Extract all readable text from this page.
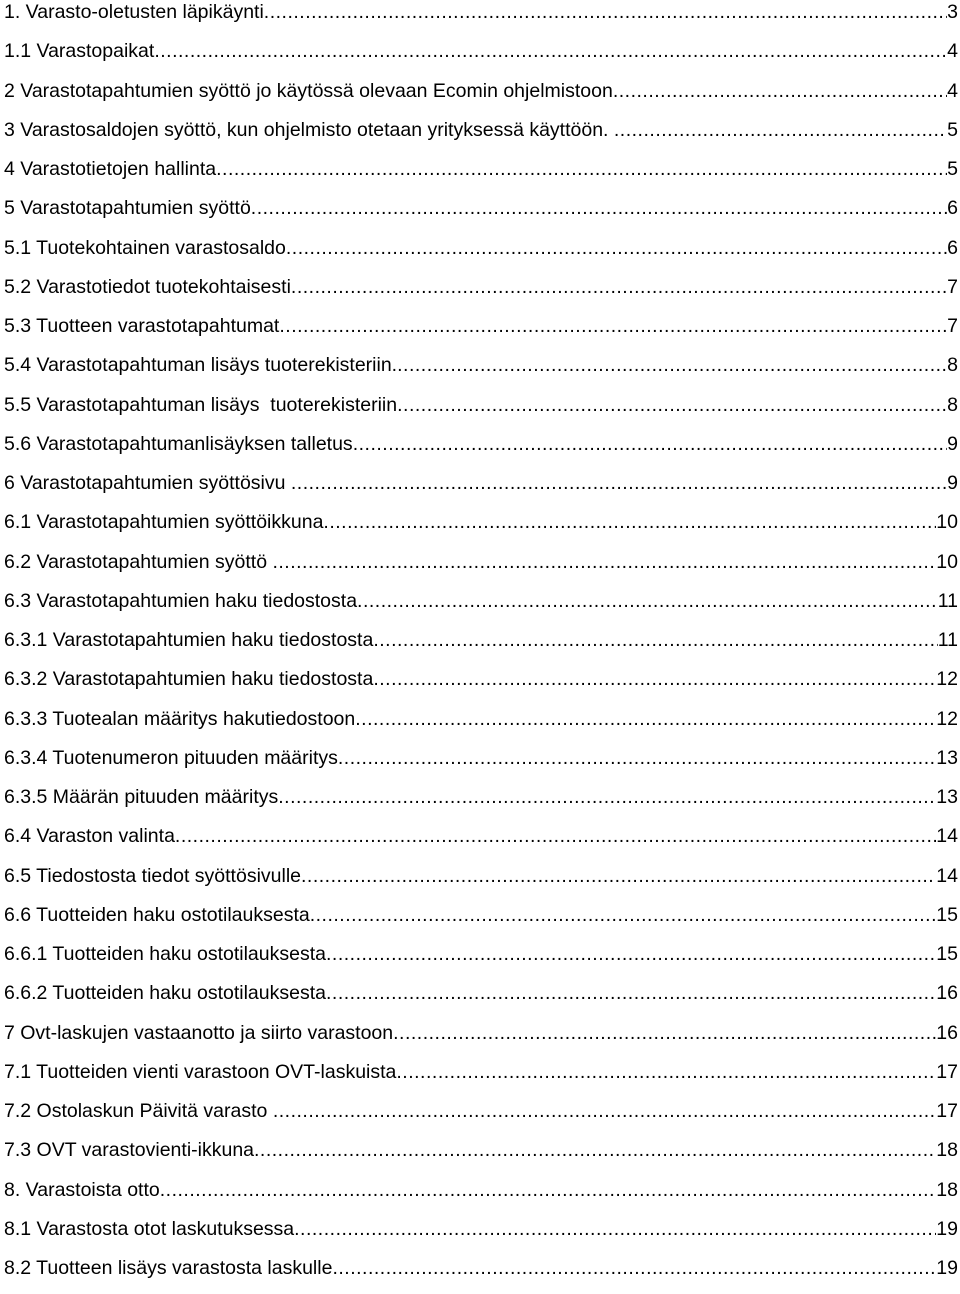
1. Varasto-oletusten läpikäynti .....	3
1.1 Varastopaikat .....	4
2 Varastotapahtumien syöttö jo käytössä olevaan Ecomin ohjelmistoon .....	4
3 Varastosaldojen syöttö, kun ohjelmisto otetaan yrityksessä käyttöön. .....	5
4 Varastotietojen hallinta .....	5
5 Varastotapahtumien syöttö .....	6
5.1 Tuotekohtainen varastosaldo .....	6
5.2 Varastotiedot tuotekohtaisesti .....	7
5.3 Tuotteen varastotapahtumat .....	7
5.4 Varastotapahtuman lisäys tuoterekisteriin. .....	8
5.5 Varastotapahtuman lisäys  tuoterekisteriin .....	8
5.6 Varastotapahtumanlisäyksen talletus .....	9
6 Varastotapahtumien syöttösivu .....	9
6.1 Varastotapahtumien syöttöikkuna .....	10
6.2 Varastotapahtumien syöttö .....	10
6.3 Varastotapahtumien haku tiedostosta .....	11
6.3.1 Varastotapahtumien haku tiedostosta .....	11
6.3.2 Varastotapahtumien haku tiedostosta .....	12
6.3.3 Tuotealan määritys hakutiedostoon .....	12
6.3.4 Tuotenumeron pituuden määritys .....	13
6.3.5 Määrän pituuden määritys .....	13
6.4 Varaston valinta .....	14
6.5 Tiedostosta tiedot syöttösivulle .....	14
6.6 Tuotteiden haku ostotilauksesta .....	15
6.6.1 Tuotteiden haku ostotilauksesta .....	15
6.6.2 Tuotteiden haku ostotilauksesta .....	16
7 Ovt-laskujen vastaanotto ja siirto varastoon .....	16
7.1 Tuotteiden vienti varastoon OVT-laskuista .....	17
7.2 Ostolaskun Päivitä varasto .....	17
7.3 OVT varastovienti-ikkuna .....	18
8. Varastoista otto .....	18
8.1 Varastosta otot laskutuksessa .....	19
8.2 Tuotteen lisäys varastosta laskulle .....	19
